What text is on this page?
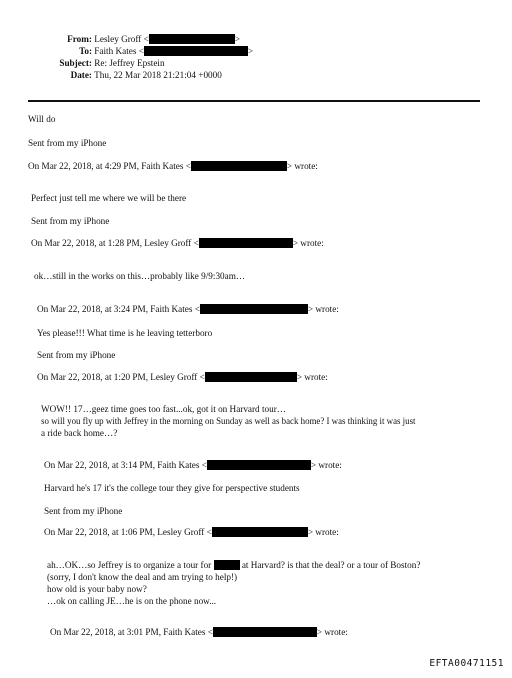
From: Lesley Groff <	>
To: Faith Kates <	>
Subject: Re: Jeffrey Epstein
Date: Thu, 22 Mar 2018 21:21:04 +0000
Will do
Sent from my iPhone
On Mar 22, 2018, at 4:29 PM, Faith Kates <	> wrote:
Perfect just tell me where we will be there
Sent from my iPhone
On Mar 22, 2018, at 1:28 PM, Lesley Groff <	> wrote:
ok…still in the works on this…probably like 9/9:30am…
On Mar 22, 2018, at 3:24 PM, Faith Kates <	> wrote:
Yes please!!! What time is he leaving tetterboro
Sent from my iPhone
On Mar 22, 2018, at 1:20 PM, Lesley Groff <	> wrote:
WOW!! 17…geez time goes too fast...ok, got it on Harvard tour…
so will you fly up with Jeffrey in the morning on Sunday as well as back home? I was thinking it was just
a ride back home…?
On Mar 22, 2018, at 3:14 PM, Faith Kates <	> wrote:
Harvard he's 17 it's the college tour they give for perspective students
Sent from my iPhone
On Mar 22, 2018, at 1:06 PM, Lesley Groff <	> wrote:
ah…OK…so Jeffrey is to organize a tour for	at Harvard? is that the deal? or a tour of Boston?
(sorry, I don't know the deal and am trying to help!)
how old is your baby now?
…ok on calling JE…he is on the phone now...
On Mar 22, 2018, at 3:01 PM, Faith Kates <	> wrote:
EFTA00471151
